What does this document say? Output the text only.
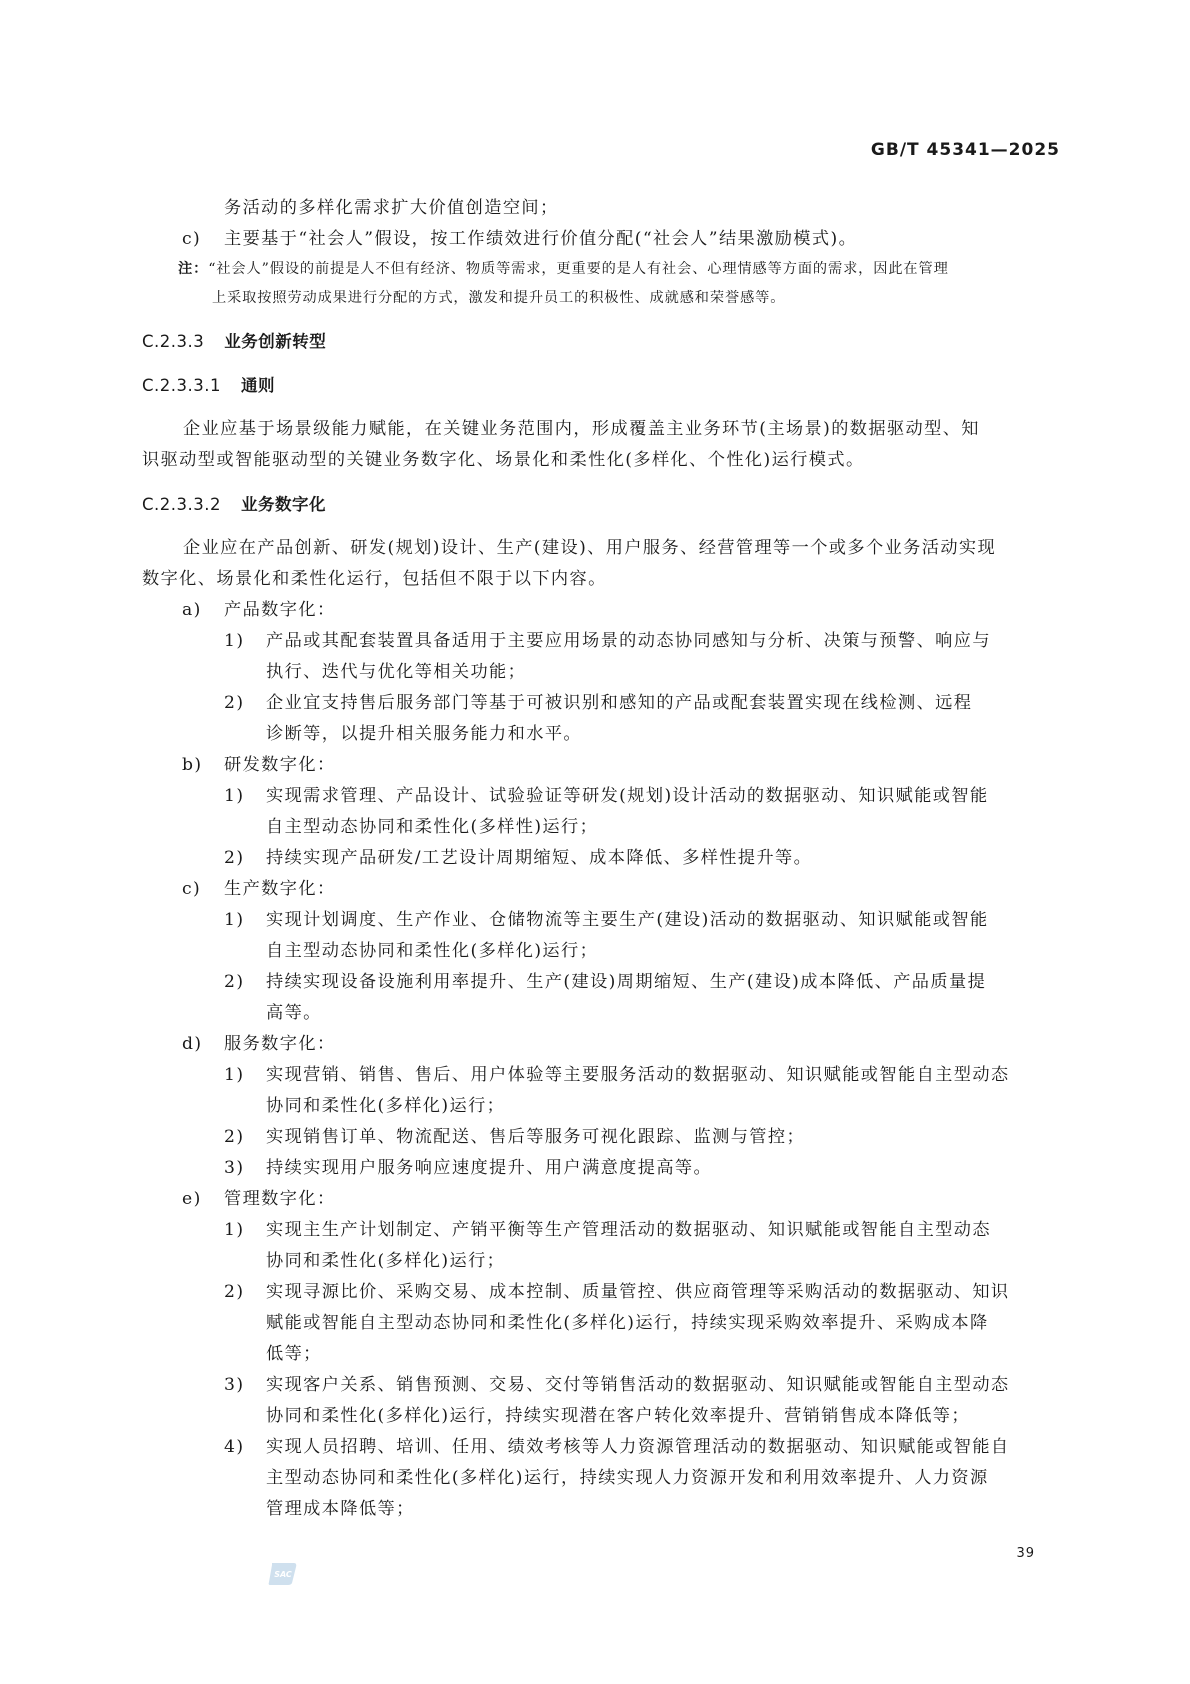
GB/T 45341—2025
务活动的多样化需求扩大价值创造空间；
c) 主要基于“社会人”假设，按工作绩效进行价值分配(“社会人”结果激励模式)。
注：“社会人”假设的前提是人不但有经济、物质等需求，更重要的是人有社会、心理情感等方面的需求，因此在管理
上采取按照劳动成果进行分配的方式，激发和提升员工的积极性、成就感和荣誉感等。
C.2.3.3 业务创新转型
C.2.3.3.1 通则
企业应基于场景级能力赋能，在关键业务范围内，形成覆盖主业务环节(主场景)的数据驱动型、知
识驱动型或智能驱动型的关键业务数字化、场景化和柔性化(多样化、个性化)运行模式。
C.2.3.3.2 业务数字化
企业应在产品创新、研发(规划)设计、生产(建设)、用户服务、经营管理等一个或多个业务活动实现
数字化、场景化和柔性化运行，包括但不限于以下内容。
a) 产品数字化：
1) 产品或其配套装置具备适用于主要应用场景的动态协同感知与分析、决策与预警、响应与
执行、迭代与优化等相关功能；
2) 企业宜支持售后服务部门等基于可被识别和感知的产品或配套装置实现在线检测、远程
诊断等，以提升相关服务能力和水平。
b) 研发数字化：
1) 实现需求管理、产品设计、试验验证等研发(规划)设计活动的数据驱动、知识赋能或智能
自主型动态协同和柔性化(多样性)运行；
2) 持续实现产品研发/工艺设计周期缩短、成本降低、多样性提升等。
c) 生产数字化：
1) 实现计划调度、生产作业、仓储物流等主要生产(建设)活动的数据驱动、知识赋能或智能
自主型动态协同和柔性化(多样化)运行；
2) 持续实现设备设施利用率提升、生产(建设)周期缩短、生产(建设)成本降低、产品质量提
高等。
d) 服务数字化：
1) 实现营销、销售、售后、用户体验等主要服务活动的数据驱动、知识赋能或智能自主型动态
协同和柔性化(多样化)运行；
2) 实现销售订单、物流配送、售后等服务可视化跟踪、监测与管控；
3) 持续实现用户服务响应速度提升、用户满意度提高等。
e) 管理数字化：
1) 实现主生产计划制定、产销平衡等生产管理活动的数据驱动、知识赋能或智能自主型动态
协同和柔性化(多样化)运行；
2) 实现寻源比价、采购交易、成本控制、质量管控、供应商管理等采购活动的数据驱动、知识
赋能或智能自主型动态协同和柔性化(多样化)运行，持续实现采购效率提升、采购成本降
低等；
3) 实现客户关系、销售预测、交易、交付等销售活动的数据驱动、知识赋能或智能自主型动态
协同和柔性化(多样化)运行，持续实现潜在客户转化效率提升、营销销售成本降低等；
4) 实现人员招聘、培训、任用、绩效考核等人力资源管理活动的数据驱动、知识赋能或智能自
主型动态协同和柔性化(多样化)运行，持续实现人力资源开发和利用效率提升、人力资源
管理成本降低等；
39
SAC
